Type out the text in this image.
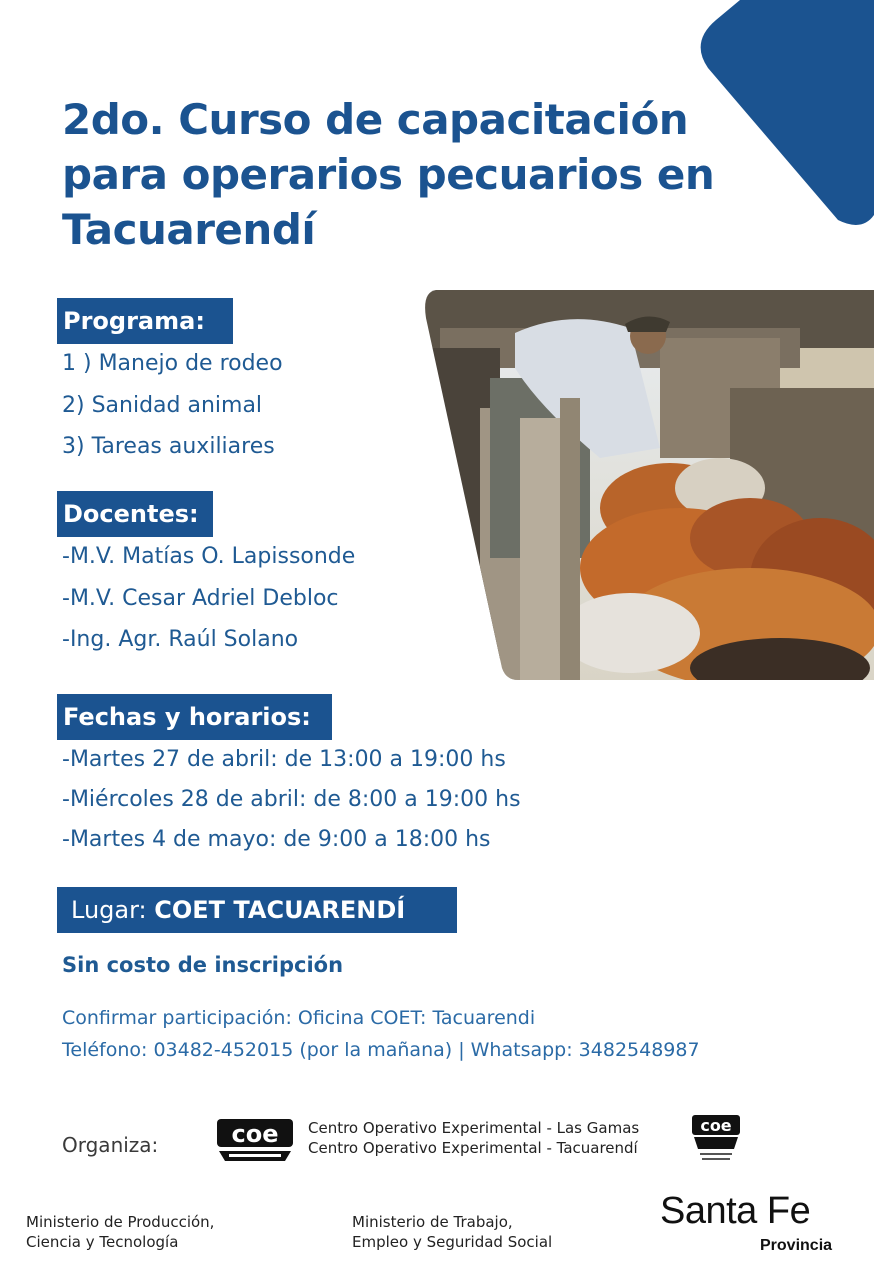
2do. Curso de capacitación
para operarios pecuarios en
Tacuarendí
Programa:
1 ) Manejo de rodeo
2) Sanidad animal
3) Tareas auxiliares
Docentes:
-M.V. Matías O. Lapissonde
-M.V. Cesar Adriel Debloc
-Ing. Agr. Raúl Solano
Fechas y horarios:
-Martes 27 de abril: de 13:00 a 19:00 hs
-Miércoles 28 de abril: de 8:00 a 19:00 hs
-Martes 4 de mayo: de 9:00 a 18:00 hs
Lugar: COET TACUARENDÍ
Sin costo de inscripción
Confirmar participación: Oficina COET: Tacuarendi
Teléfono: 03482-452015 (por la mañana) | Whatsapp: 3482548987
Organiza:	coe Centro Operativo Experimental - Las Gamas
Centro Operativo Experimental - Tacuarendí
coe
Ministerio de Producción,
Ciencia y Tecnología
Ministerio de Trabajo,
Empleo y Seguridad Social
Santa Fe
Provincia
